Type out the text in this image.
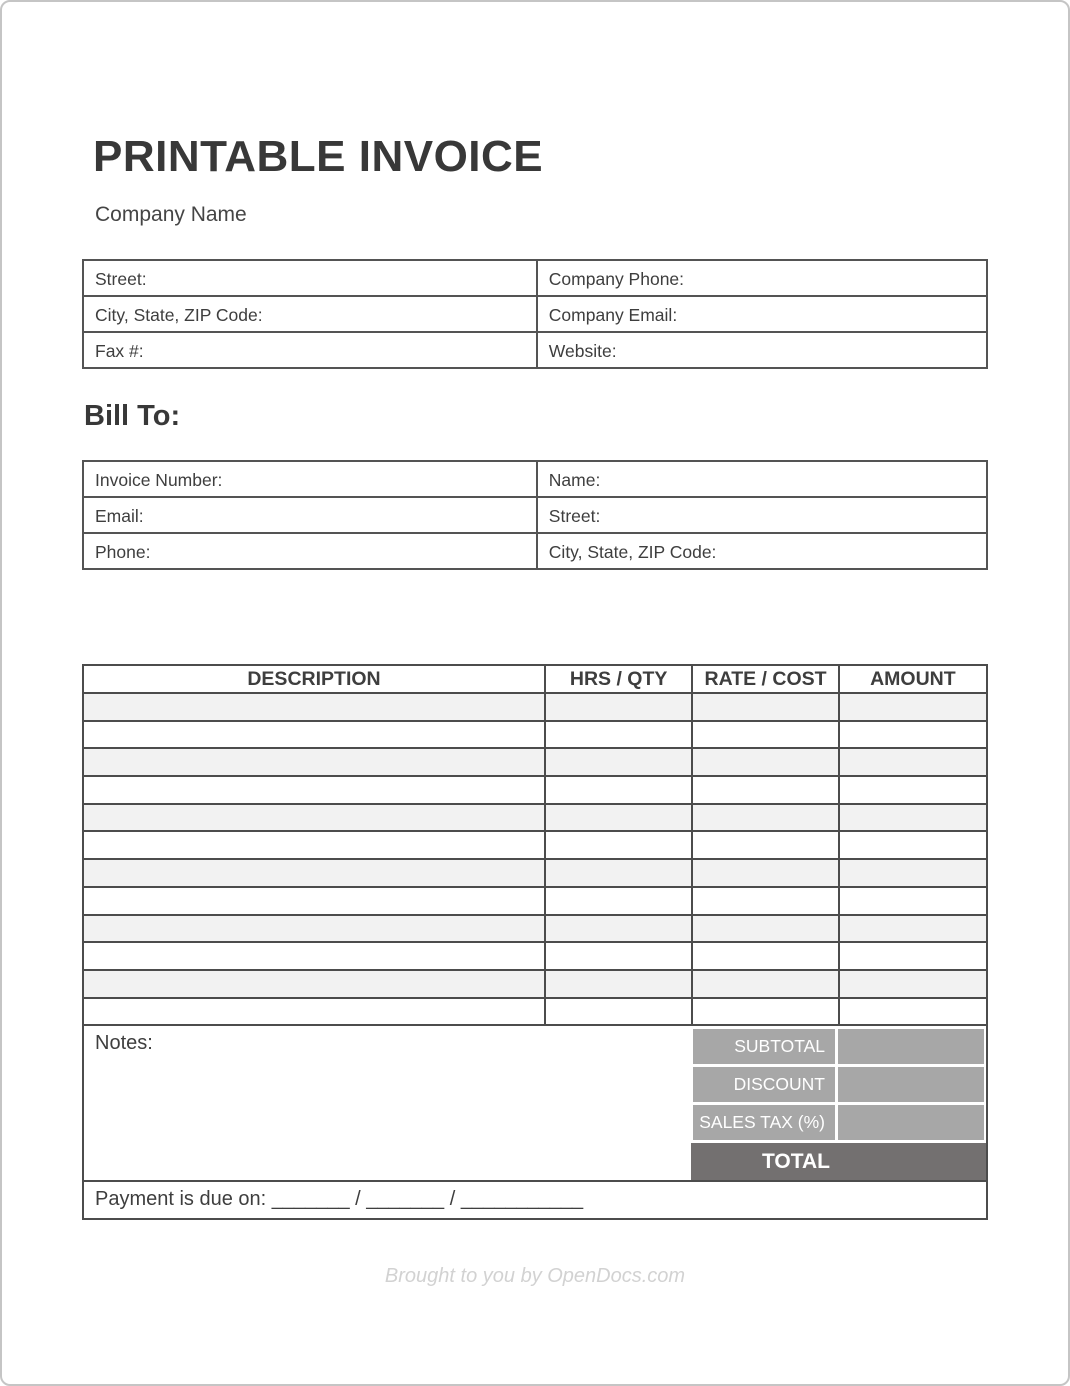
PRINTABLE INVOICE
Company Name
Street:	Company Phone:
City, State, ZIP Code:	Company Email:
Fax #:	Website:
Bill To:
Invoice Number:	Name:
Email:	Street:
Phone:	City, State, ZIP Code:
DESCRIPTION	HRS / QTY	RATE / COST	AMOUNT

Notes:	SUBTOTAL
DISCOUNT
SALES TAX (%)
TOTAL
Payment is due on: _______ / _______ / ___________
Brought to you by OpenDocs.com
